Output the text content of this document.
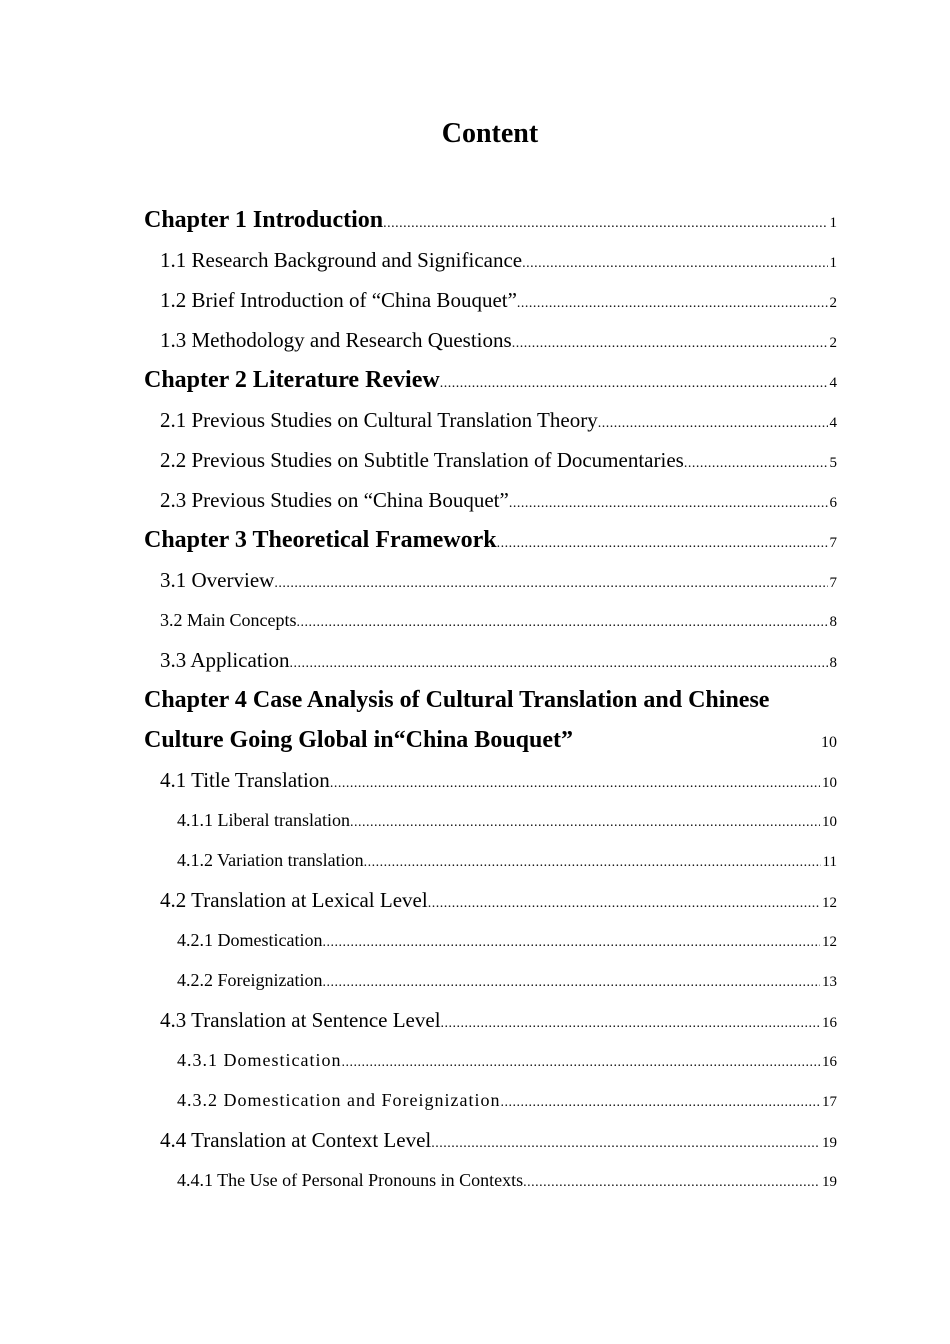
Content
Chapter 1 Introduction .....	1
1.1 Research Background and Significance .....	1
1.2 Brief Introduction of “China Bouquet” .....	2
1.3 Methodology and Research Questions .....	2
Chapter 2 Literature Review .....	4
2.1 Previous Studies on Cultural Translation Theory .....	4
2.2 Previous Studies on Subtitle Translation of Documentaries .....	5
2.3 Previous Studies on “China Bouquet” .....	6
Chapter 3 Theoretical Framework .....	7
3.1 Overview .....	7
3.2 Main Concepts .....	8
3.3 Application .....	8
Chapter 4 Case Analysis of Cultural Translation and Chinese
Culture Going Global in“China Bouquet”	10
4.1 Title Translation .....	10
4.1.1 Liberal translation .....	10
4.1.2 Variation translation .....	11
4.2 Translation at Lexical Level .....	12
4.2.1 Domestication .....	12
4.2.2 Foreignization .....	13
4.3 Translation at Sentence Level .....	16
4.3.1 Domestication .....	16
4.3.2 Domestication and Foreignization .....	17
4.4 Translation at Context Level .....	19
4.4.1 The Use of Personal Pronouns in Contexts .....	19
